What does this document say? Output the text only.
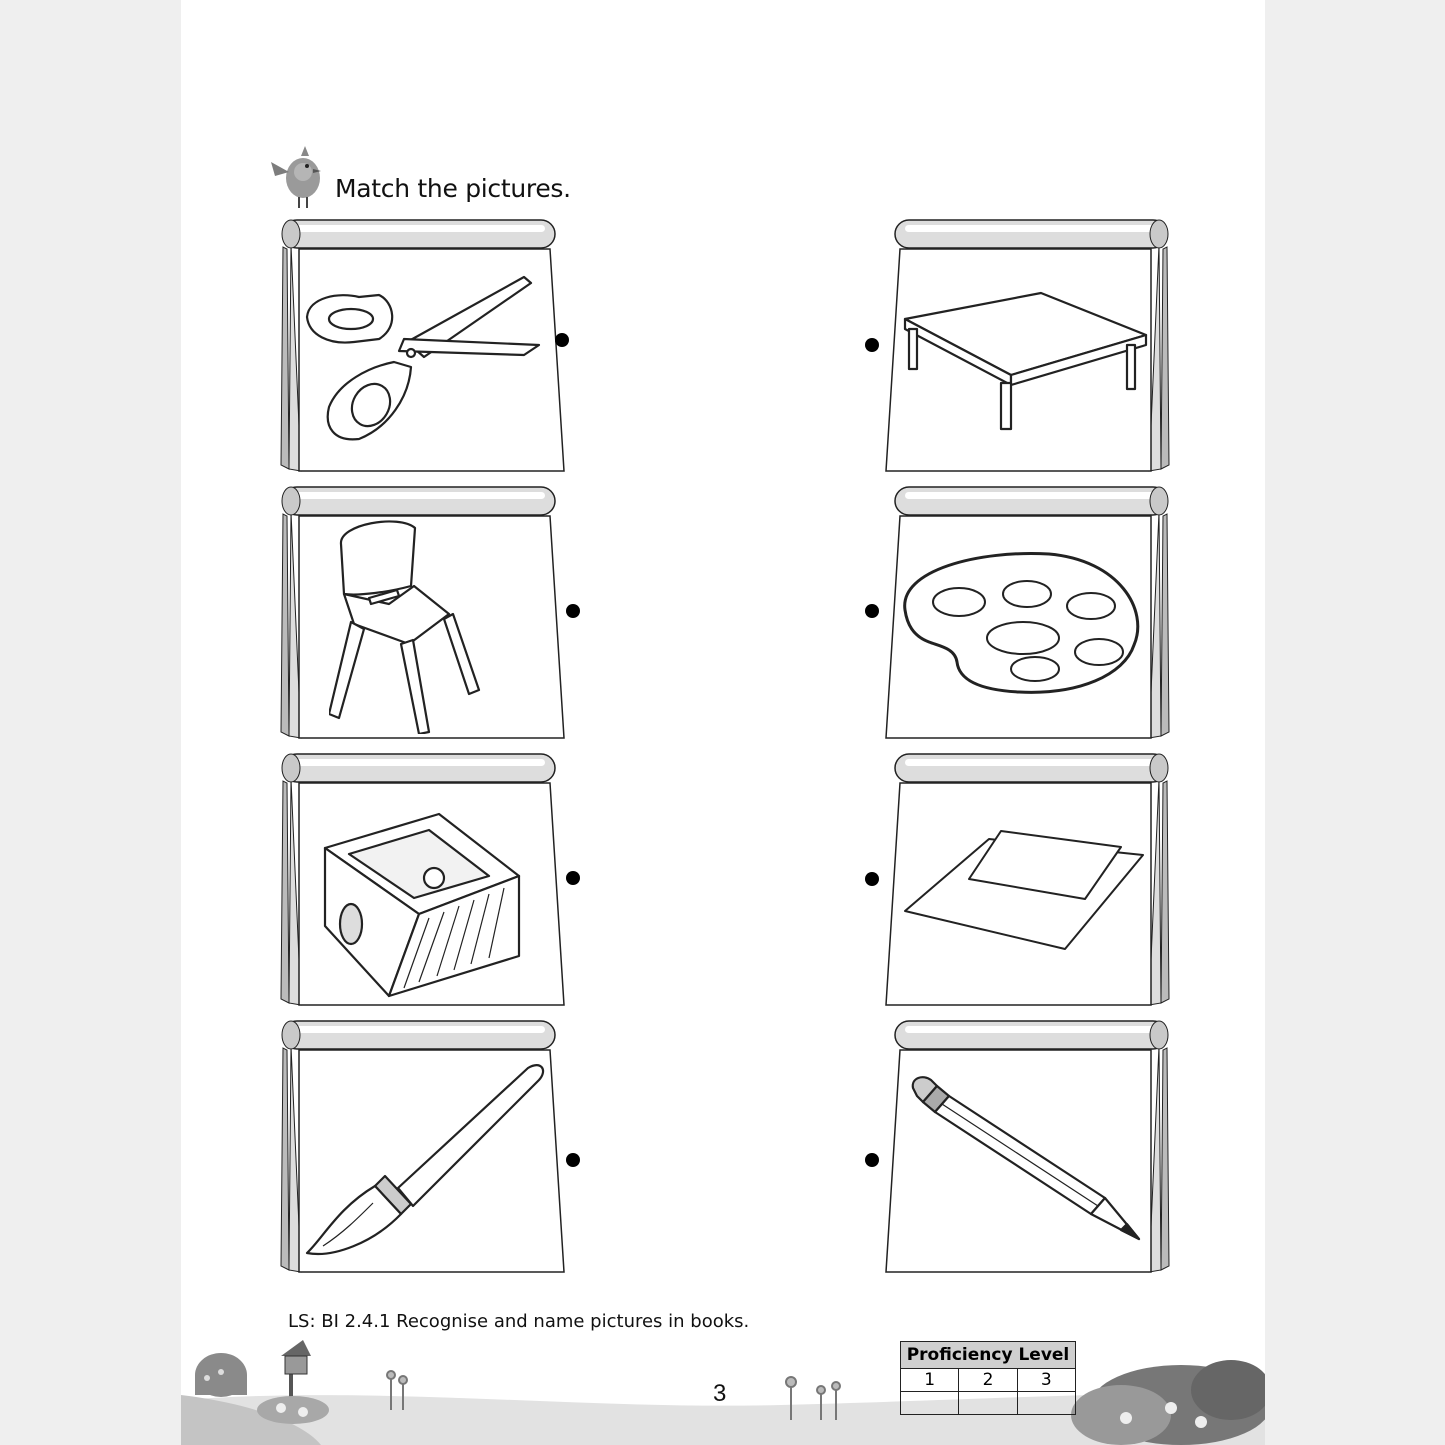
Match the pictures.
LS: BI 2.4.1 Recognise and name pictures in books.
3
Proficiency Level		
1	2	3
